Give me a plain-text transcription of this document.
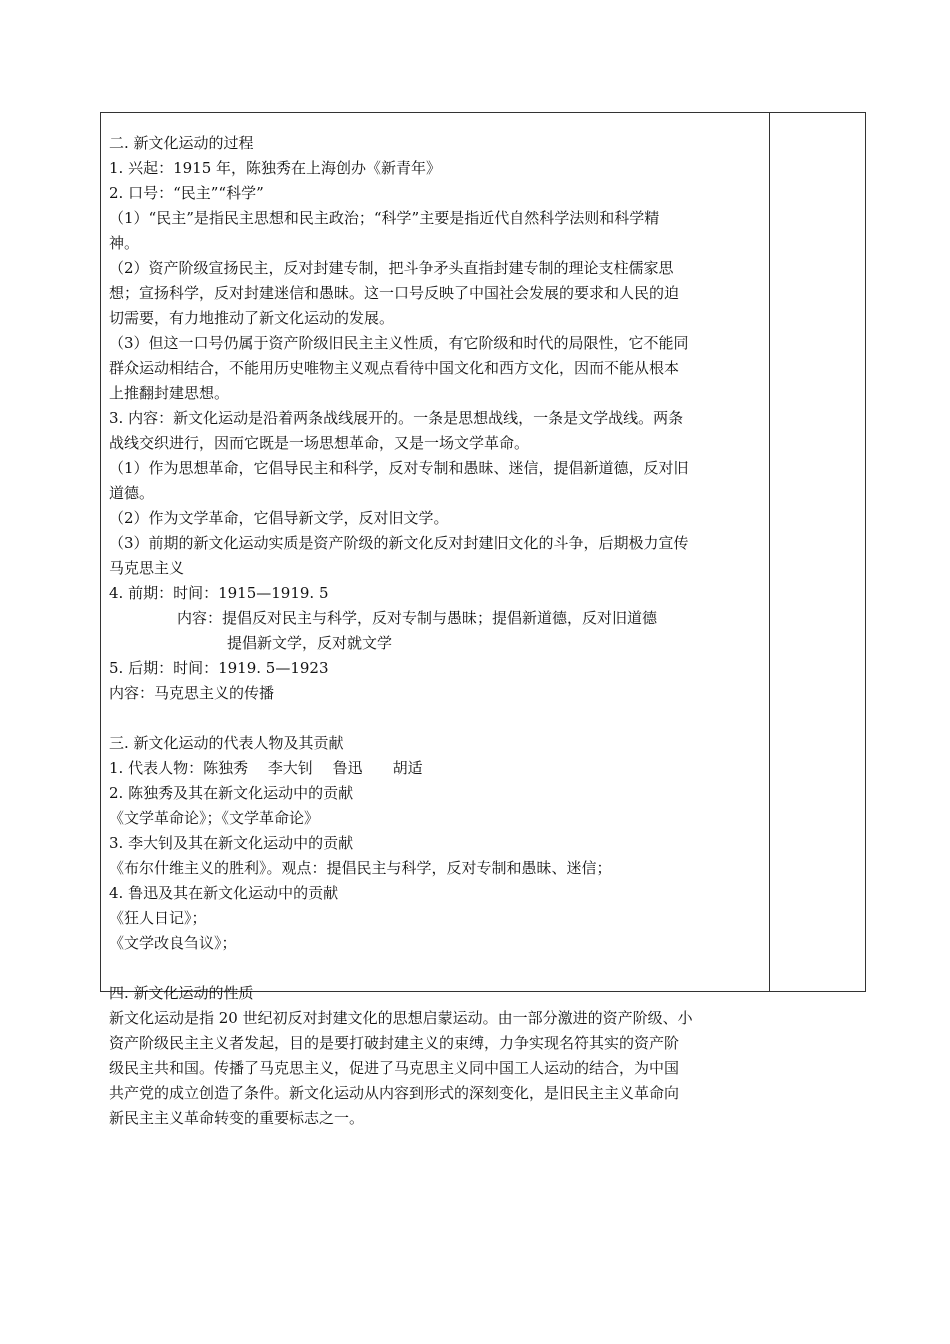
二. 新文化运动的过程
1. 兴起：1915 年，陈独秀在上海创办《新青年》
2. 口号：“民主”“科学”
（1）“民主”是指民主思想和民主政治；“科学”主要是指近代自然科学法则和科学精
神。
（2）资产阶级宣扬民主，反对封建专制，把斗争矛头直指封建专制的理论支柱儒家思
想；宣扬科学，反对封建迷信和愚昧。这一口号反映了中国社会发展的要求和人民的迫
切需要，有力地推动了新文化运动的发展。
（3）但这一口号仍属于资产阶级旧民主主义性质，有它阶级和时代的局限性，它不能同
群众运动相结合，不能用历史唯物主义观点看待中国文化和西方文化，因而不能从根本
上推翻封建思想。
3. 内容：新文化运动是沿着两条战线展开的。一条是思想战线，一条是文学战线。两条
战线交织进行，因而它既是一场思想革命，又是一场文学革命。
（1）作为思想革命，它倡导民主和科学，反对专制和愚昧、迷信，提倡新道德，反对旧
道德。
（2）作为文学革命，它倡导新文学，反对旧文学。
（3）前期的新文化运动实质是资产阶级的新文化反对封建旧文化的斗争，后期极力宣传
马克思主义
4. 前期：时间：1915—1919. 5
内容：提倡反对民主与科学，反对专制与愚昧；提倡新道德，反对旧道德
提倡新文学，反对就文学
5. 后期：时间：1919. 5—1923
内容：马克思主义的传播
三. 新文化运动的代表人物及其贡献
1. 代表人物：陈独秀　 李大钊　 鲁迅　　胡适
2. 陈独秀及其在新文化运动中的贡献
《文学革命论》；《文学革命论》
3. 李大钊及其在新文化运动中的贡献
《布尔什维主义的胜利》。观点：提倡民主与科学，反对专制和愚昧、迷信；
4. 鲁迅及其在新文化运动中的贡献
《狂人日记》；
《文学改良刍议》；
四. 新文化运动的性质
新文化运动是指 20 世纪初反对封建文化的思想启蒙运动。由一部分激进的资产阶级、小
资产阶级民主主义者发起，目的是要打破封建主义的束缚，力争实现名符其实的资产阶
级民主共和国。传播了马克思主义，促进了马克思主义同中国工人运动的结合，为中国
共产党的成立创造了条件。新文化运动从内容到形式的深刻变化，是旧民主主义革命向
新民主主义革命转变的重要标志之一。
